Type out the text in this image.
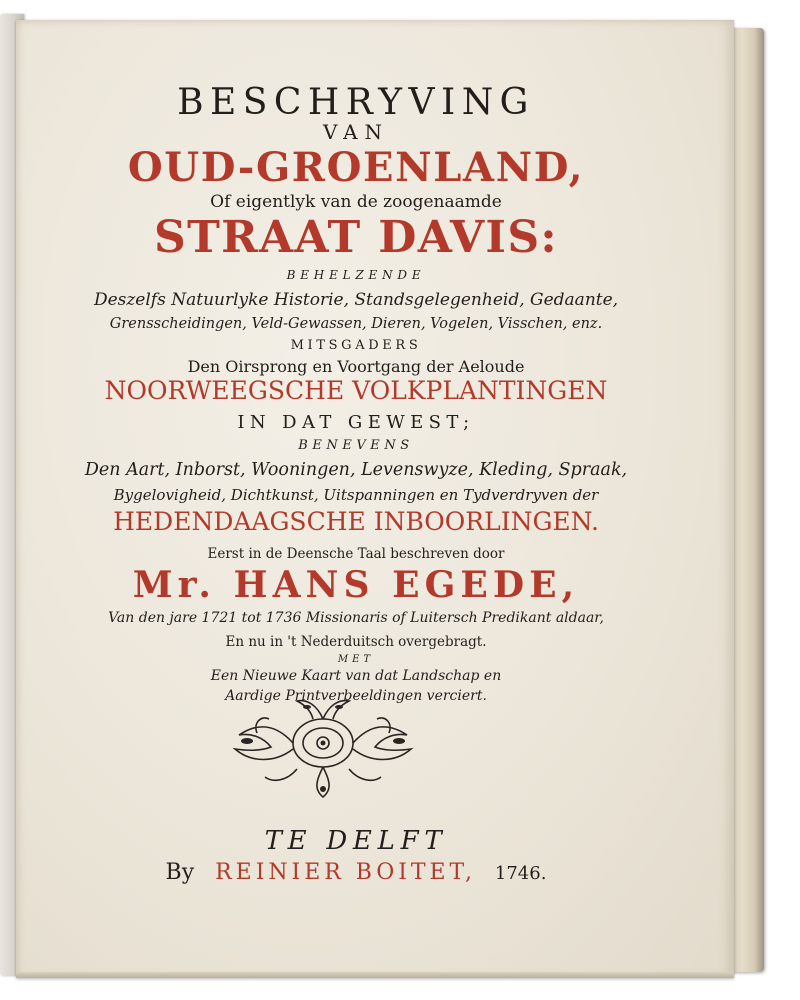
BESCHRYVING
VAN
OUD-GROENLAND,
Of eigentlyk van de zoogenaamde
STRAAT DAVIS:
BEHELZENDE
Deszelfs Natuurlyke Historie, Standsgelegenheid, Gedaante,
Grensscheidingen, Veld-Gewassen, Dieren, Vogelen, Visschen, enz.
MITSGADERS
Den Oirsprong en Voortgang der Aeloude
NOORWEEGSCHE VOLKPLANTINGEN
IN DAT GEWEST;
BENEVENS
Den Aart, Inborst, Wooningen, Levenswyze, Kleding, Spraak,
Bygelovigheid, Dichtkunst, Uitspanningen en Tydverdryven der
HEDENDAAGSCHE INBOORLINGEN.
Eerst in de Deensche Taal beschreven door
Mr. HANS EGEDE,
Van den jare 1721 tot 1736 Missionaris of Luitersch Predikant aldaar,
En nu in 't Nederduitsch overgebragt.
MET
Een Nieuwe Kaart van dat Landschap en
Aardige Printverbeeldingen verciert.
TE DELFT
By REINIER BOITET, 1746.
